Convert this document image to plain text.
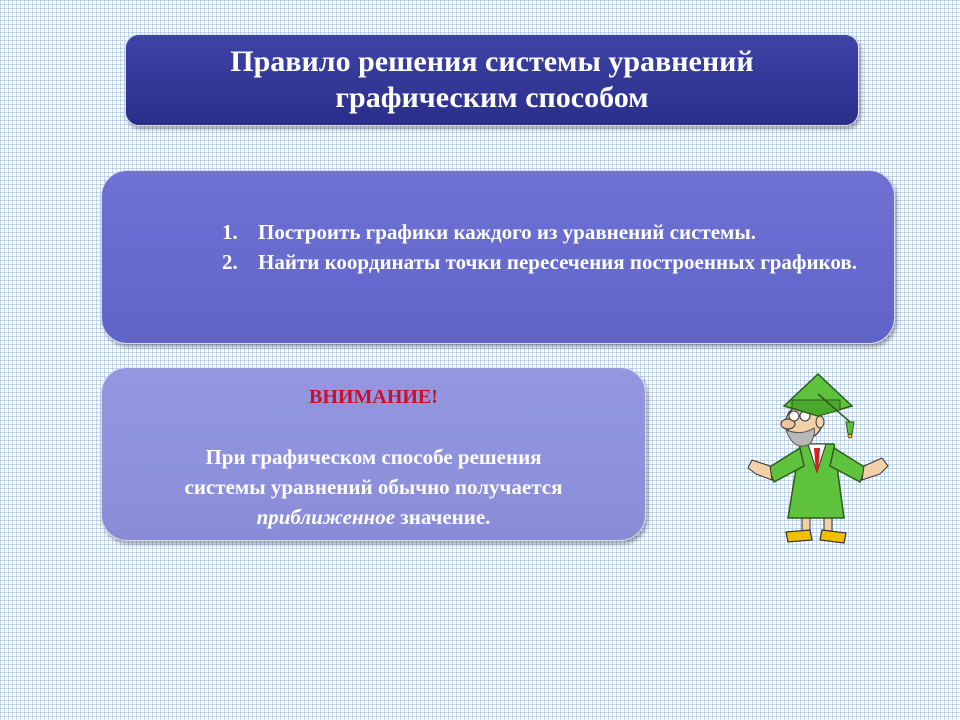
Правило решения системы уравнений
графическим способом
1. Построить графики каждого из уравнений системы.
2. Найти координаты точки пересечения построенных графиков.
ВНИМАНИЕ!
При графическом способе решения
системы уравнений обычно получается
приближенное значение.
